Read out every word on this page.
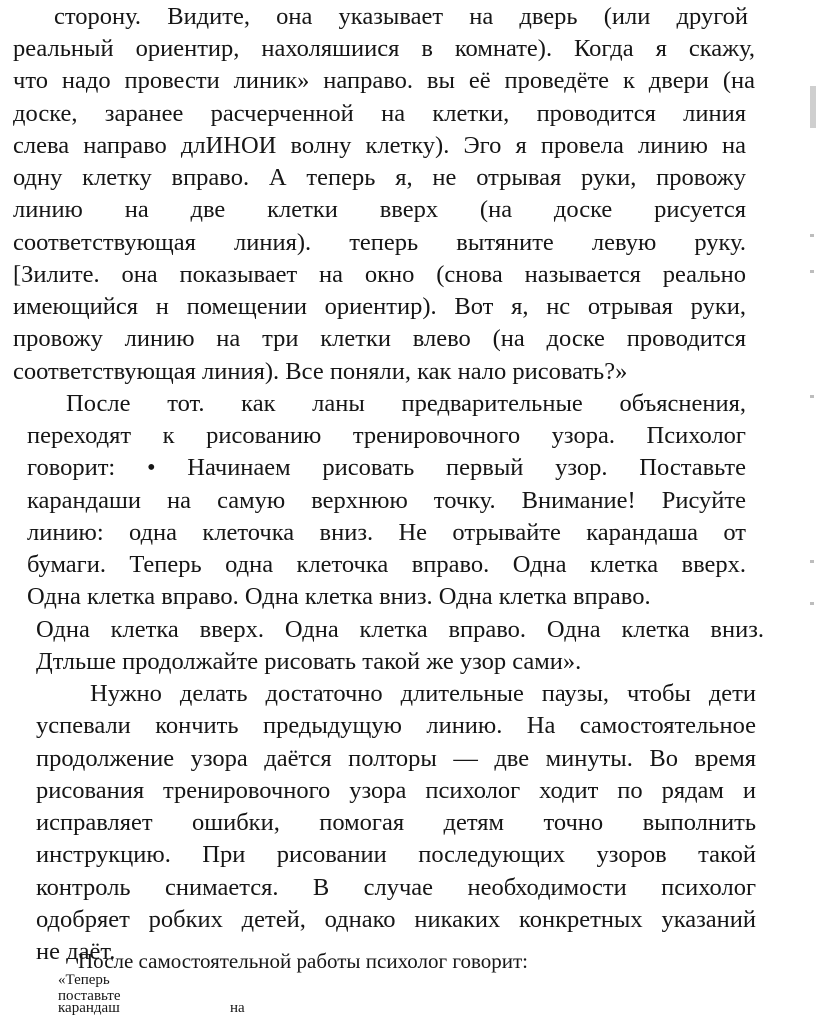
сторону. Видите, она указывает на дверь (или другой
реальный ориентир, нахоляшиися в комнате). Когда я скажу,
что надо провести линик» направо. вы её проведёте к двери (на
доске, заранее расчерченной на клетки, проводится линия
слева направо длИНОИ волну клетку). Эго я провела линию на
одну клетку вправо. А теперь я, не отрывая руки, провожу
линию на две клетки вверх (на доске рисуется
соответствующая линия). теперь вытяните левую руку.
[Зилите. она показывает на окно (снова называется реально
имеющийся н помещении ориентир). Вот я, нс отрывая руки,
провожу линию на три клетки влево (на доске проводится
соответствующая линия). Все поняли, как нало рисовать?»
После тот. как ланы предварительные объяснения,
переходят к рисованию тренировочного узора. Психолог
говорит: • Начинаем рисовать первый узор. Поставьте
карандаши на самую верхнюю точку. Внимание! Рисуйте
линию: одна клеточка вниз. Не отрывайте карандаша от
бумаги. Теперь одна клеточка вправо. Одна клетка вверх.
Одна клетка вправо. Одна клетка вниз. Одна клетка вправо.
Одна клетка вверх. Одна клетка вправо. Одна клетка вниз.
Дтльше продолжайте рисовать такой же узор сами».
Нужно делать достаточно длительные паузы, чтобы дети
успевали кончить предыдущую линию. На самостоятельное
продолжение узора даётся полторы — две минуты. Во время
рисования тренировочного узора психолог ходит по рядам и
исправляет ошибки, помогая детям точно выполнить
инструкцию. При рисовании последующих узоров такой
контроль снимается. В случае необходимости психолог
одобряет робких детей, однако никаких конкретных указаний
не даёт.
После самостоятельной работы психолог говорит:
«Теперь
поставьте
карандаш	на
